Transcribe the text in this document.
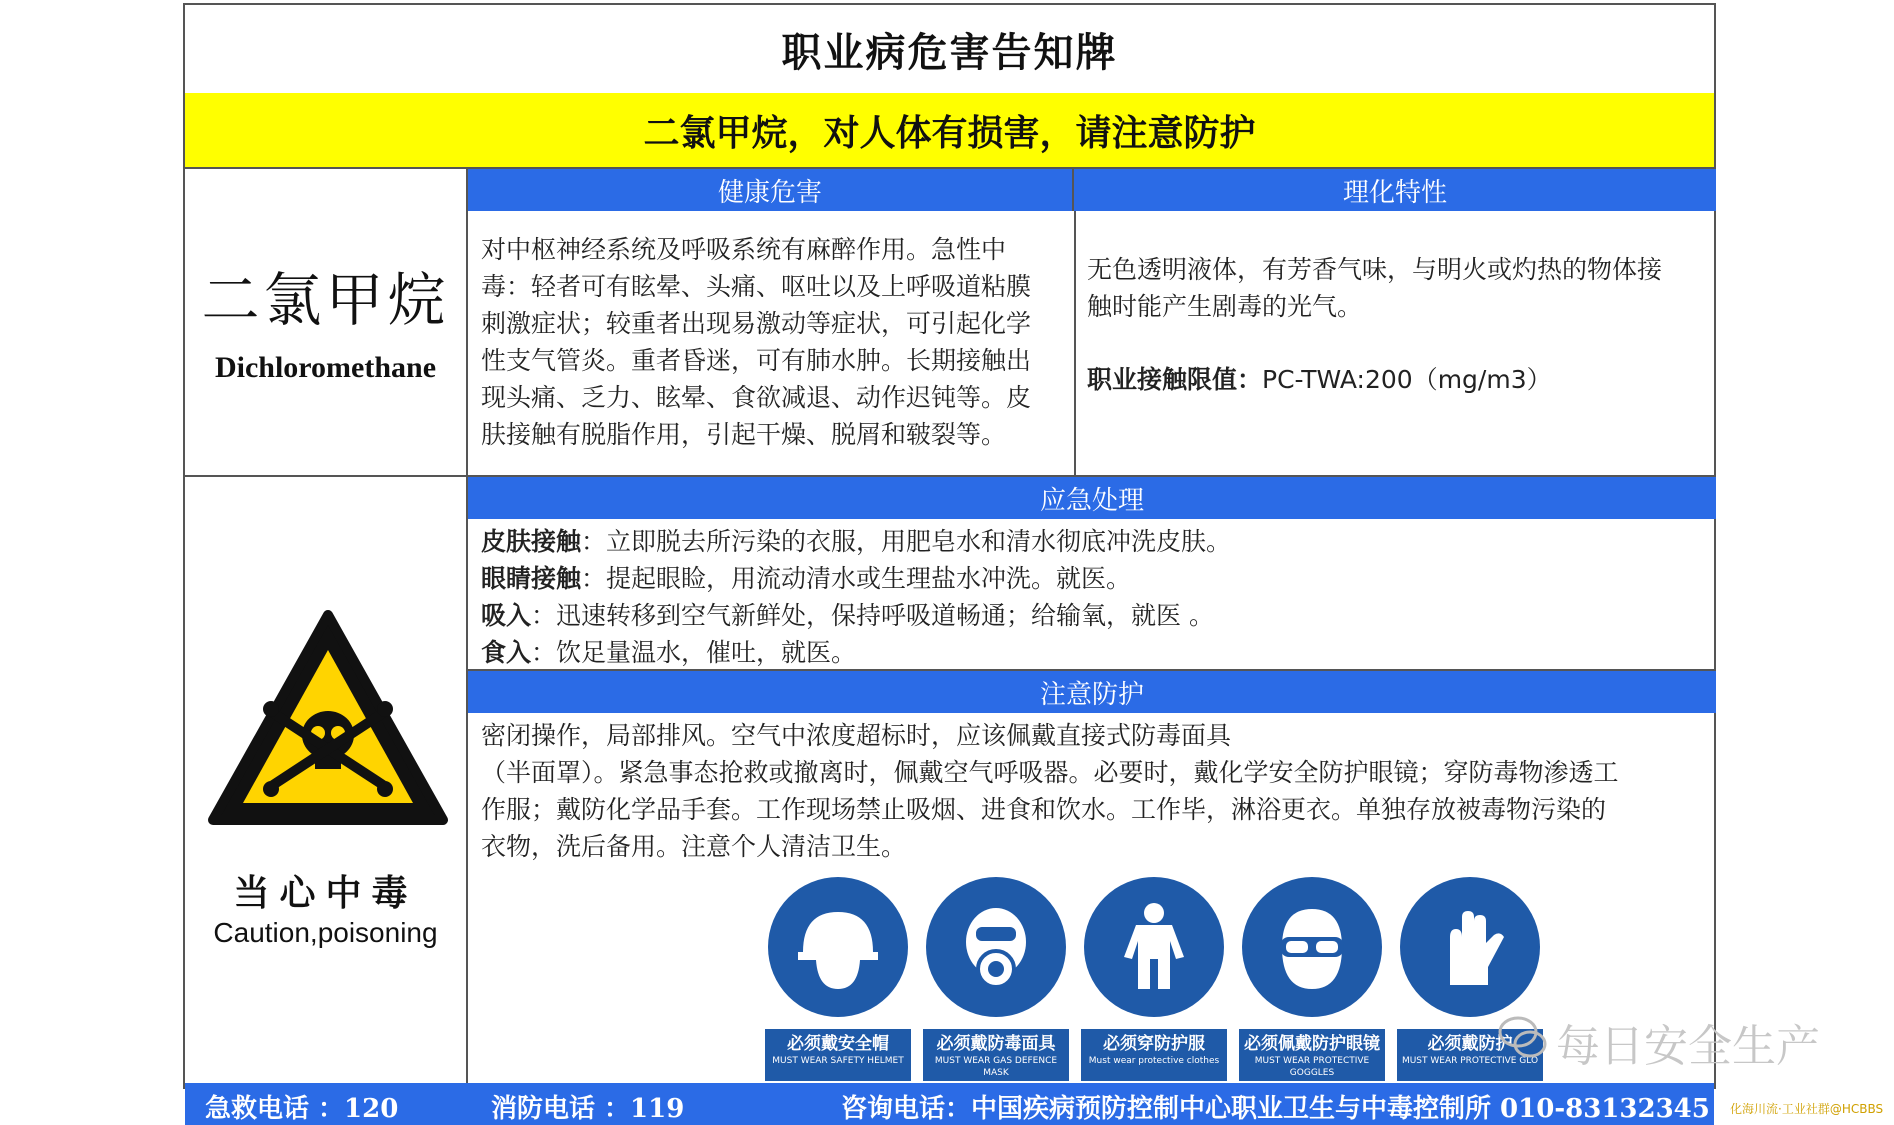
职业病危害告知牌
二氯甲烷，对人体有损害，请注意防护
二氯甲烷
Dichloromethane
当心中毒
Caution,poisoning
健康危害	理化特性
对中枢神经系统及呼吸系统有麻醉作用。急性中
毒：轻者可有眩晕、头痛、呕吐以及上呼吸道粘膜
刺激症状；较重者出现易激动等症状，可引起化学
性支气管炎。重者昏迷，可有肺水肿。长期接触出
现头痛、乏力、眩晕、食欲减退、动作迟钝等。皮
肤接触有脱脂作用，引起干燥、脱屑和皲裂等。
无色透明液体，有芳香气味，与明火或灼热的物体接
触时能产生剧毒的光气。
职业接触限值：PC-TWA:200（mg/m3）
应急处理
皮肤接触：立即脱去所污染的衣服，用肥皂水和清水彻底冲洗皮肤。
眼睛接触：提起眼睑，用流动清水或生理盐水冲洗。就医。
吸入：迅速转移到空气新鲜处，保持呼吸道畅通；给输氧，就医 。
食入：饮足量温水，催吐，就医。
注意防护
密闭操作，局部排风。空气中浓度超标时，应该佩戴直接式防毒面具
（半面罩）。紧急事态抢救或撤离时，佩戴空气呼吸器。必要时，戴化学安全防护眼镜；穿防毒物渗透工
作服；戴防化学品手套。工作现场禁止吸烟、进食和饮水。工作毕，淋浴更衣。单独存放被毒物污染的
衣物，洗后备用。注意个人清洁卫生。
必须戴安全帽
MUST WEAR SAFETY HELMET
必须戴防毒面具
MUST WEAR GAS DEFENCE MASK
必须穿防护服
Must wear protective clothes
必须佩戴防护眼镜
MUST WEAR PROTECTIVE GOGGLES
必须戴防护
MUST WEAR PROTECTIVE GLO
急救电话 ：120	消防电话 ：119	咨询电话：中国疾病预防控制中心职业卫生与中毒控制所 010-83132345
每日安全生产
化海川流·工业社群@HCBBS
